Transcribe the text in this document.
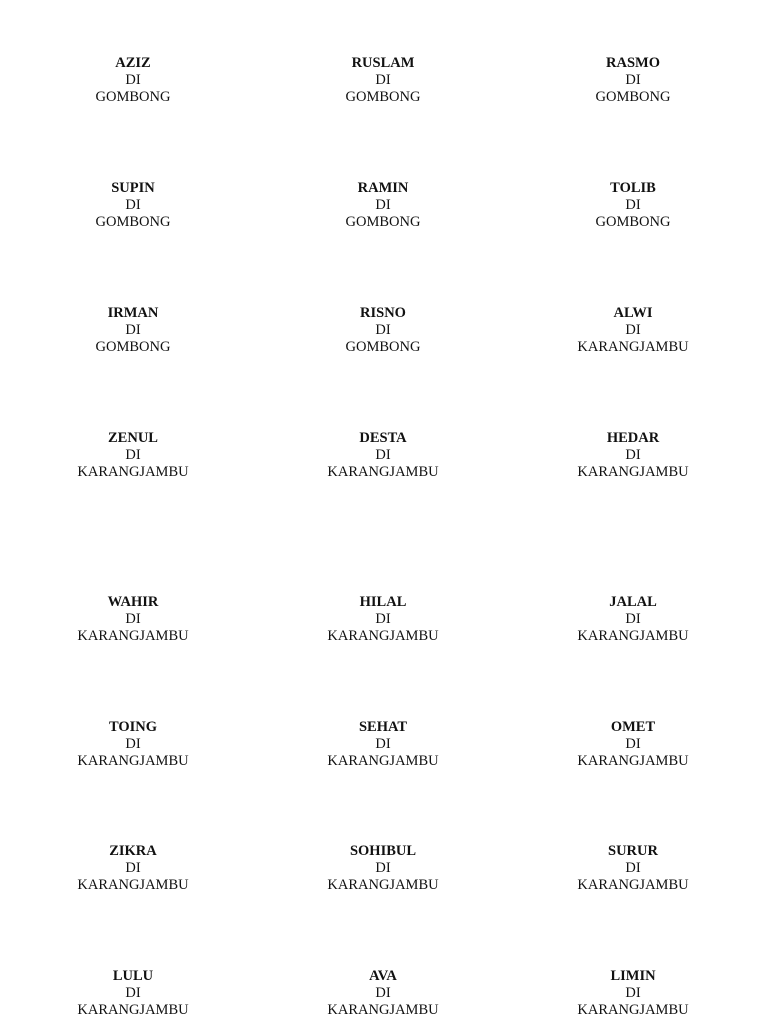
AZIZ
DI
GOMBONG
RUSLAM
DI
GOMBONG
RASMO
DI
GOMBONG
SUPIN
DI
GOMBONG
RAMIN
DI
GOMBONG
TOLIB
DI
GOMBONG
IRMAN
DI
GOMBONG
RISNO
DI
GOMBONG
ALWI
DI
KARANGJAMBU
ZENUL
DI
KARANGJAMBU
DESTA
DI
KARANGJAMBU
HEDAR
DI
KARANGJAMBU
WAHIR
DI
KARANGJAMBU
HILAL
DI
KARANGJAMBU
JALAL
DI
KARANGJAMBU
TOING
DI
KARANGJAMBU
SEHAT
DI
KARANGJAMBU
OMET
DI
KARANGJAMBU
ZIKRA
DI
KARANGJAMBU
SOHIBUL
DI
KARANGJAMBU
SURUR
DI
KARANGJAMBU
LULU
DI
KARANGJAMBU
AVA
DI
KARANGJAMBU
LIMIN
DI
KARANGJAMBU
